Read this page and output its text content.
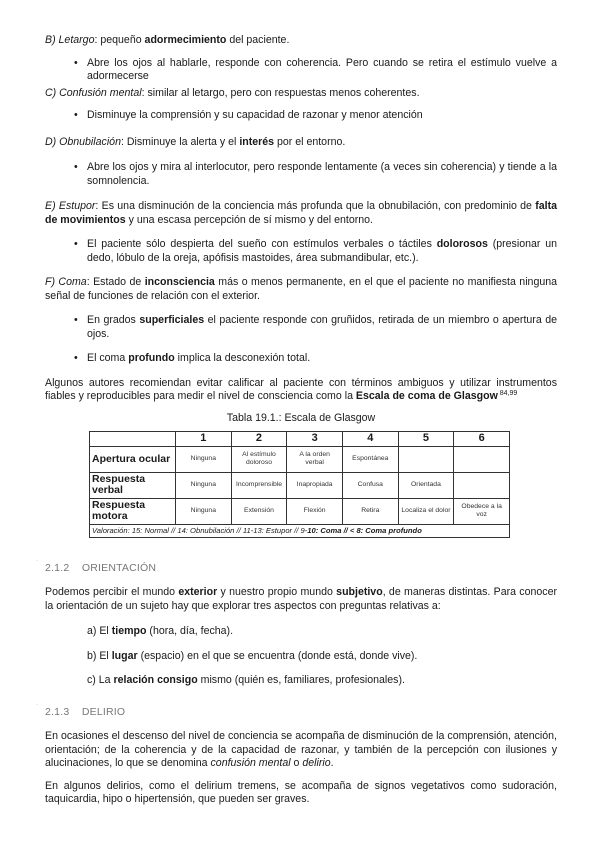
B) Letargo: pequeño adormecimiento del paciente.

• Abre los ojos al hablarle, responde con coherencia. Pero cuando se retira el estímulo vuelve a adormecerse

C) Confusión mental: similar al letargo, pero con respuestas menos coherentes.

• Disminuye la comprensión y su capacidad de razonar y menor atención

D) Obnubilación: Disminuye la alerta y el interés por el entorno.

• Abre los ojos y mira al interlocutor, pero responde lentamente (a veces sin coherencia) y tiende a la somnolencia.

E) Estupor: Es una disminución de la conciencia más profunda que la obnubilación, con predominio de falta de movimientos y una escasa percepción de sí mismo y del entorno.

• El paciente sólo despierta del sueño con estímulos verbales o táctiles dolorosos (presionar un dedo, lóbulo de la oreja, apófisis mastoides, área submandibular, etc.).

F) Coma: Estado de inconsciencia más o menos permanente, en el que el paciente no manifiesta ninguna señal de funciones de relación con el exterior.

• En grados superficiales el paciente responde con gruñidos, retirada de un miembro o apertura de ojos.

• El coma profundo implica la desconexión total.

Algunos autores recomiendan evitar calificar al paciente con términos ambiguos y utilizar instrumentos fiables y reproducibles para medir el nivel de consciencia como la Escala de coma de Glasgow $^{84,99}$

Tabla 19.1.: Escala de Glasgow

	1	2	3	4	5	6
Apertura ocular	Ninguna	Al estímulo doloroso	A la orden verbal	Espontánea		
Respuesta verbal	Ninguna	Incomprensible	Inapropiada	Confusa	Orientada	
Respuesta motora	Ninguna	Extensión	Flexión	Retira	Localiza el dolor	Obedece a la voz
Valoración: 15: Normal // 14: Obnubilación // 11-13: Estupor // 9-10: Coma // < 8: Coma profundo						
.
2.1.2 ORIENTACIÓN

Podemos percibir el mundo exterior y nuestro propio mundo subjetivo, de maneras distintas. Para conocer la orientación de un sujeto hay que explorar tres aspectos con preguntas relativas a:

a) El tiempo (hora, día, fecha).

b) El lugar (espacio) en el que se encuentra (donde está, donde vive).

c) La relación consigo mismo (quién es, familiares, profesionales).

.
2.1.3 DELIRIO

En ocasiones el descenso del nivel de conciencia se acompaña de disminución de la comprensión, atención, orientación; de la coherencia y de la capacidad de razonar, y también de la percepción con ilusiones y alucinaciones, lo que se denomina confusión mental o delirio.

En algunos delirios, como el delirium tremens, se acompaña de signos vegetativos como sudoración, taquicardia, hipo o hipertensión, que pueden ser graves.
